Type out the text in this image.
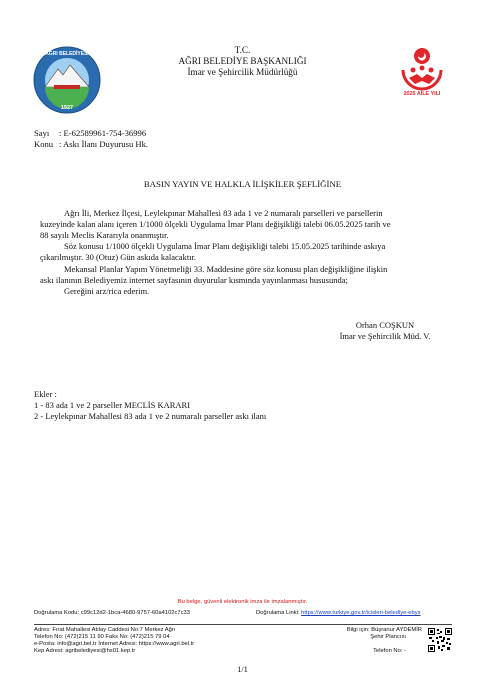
1927
AĞRI BELEDİYESİ
2025 AİLE YILI
T.C.
AĞRI BELEDİYE BAŞKANLIĞI
İmar ve Şehircilik Müdürlüğü
Sayı : E-62589961-754-36996
Konu : Askı İlanı Duyurusu Hk.
BASIN YAYIN VE HALKLA İLİŞKİLER ŞEFLİĞİNE
Ağrı İli, Merkez İlçesi, Leylekpınar Mahallesi 83 ada 1 ve 2 numaralı parselleri ve parsellerin
kuzeyinde kalan alanı içeren 1/1000 ölçekli Uygulama İmar Planı değişikliği talebi 06.05.2025 tarih ve
88 sayılı Meclis Kararıyla onanmıştır.
Söz konusu 1/1000 ölçekli Uygulama İmar Planı değişikliği talebi 15.05.2025 tarihinde askıya
çıkarılmıştır. 30 (Otuz) Gün askıda kalacaktır.
Mekansal Planlar Yapım Yönetmeliği 33. Maddesine göre söz konusu plan değişikliğine ilişkin
askı ilanının Belediyemiz internet sayfasının duyurular kısmında yayınlanması hususunda;
Gereğini arz/rica ederim.
Orhan COŞKUN
İmar ve Şehircilik Müd. V.
Ekler :
1 - 83 ada 1 ve 2 parseller MECLİS KARARI
2 - Leylekpınar Mahallesi 83 ada 1 ve 2 numaralı parseller askı ilanı
Bu belge, güvenli elektronik imza ile imzalanmıştır.
Doğrulama Kodu: c99c12d2-1bca-4680-9757-60a4102c7c33	Doğrulama Linki: https://www.turkiye.gov.tr/icisleri-belediye-ebys
Adres: Fırat Mahallesi Atılay Caddesi No:7 Merkez Ağrı
Telefon No: (472)215 11 90 Faks No: (472)215 79 04
e-Posta: info@agri.bel.tr İnternet Adresi: https://www.agri.bel.tr
Kep Adresi: agribelediyesi@hs01.kep.tr
Bilgi için: Büşranur AYDEMİR
Şehir Plancısı
Telefon No: -
1/1
